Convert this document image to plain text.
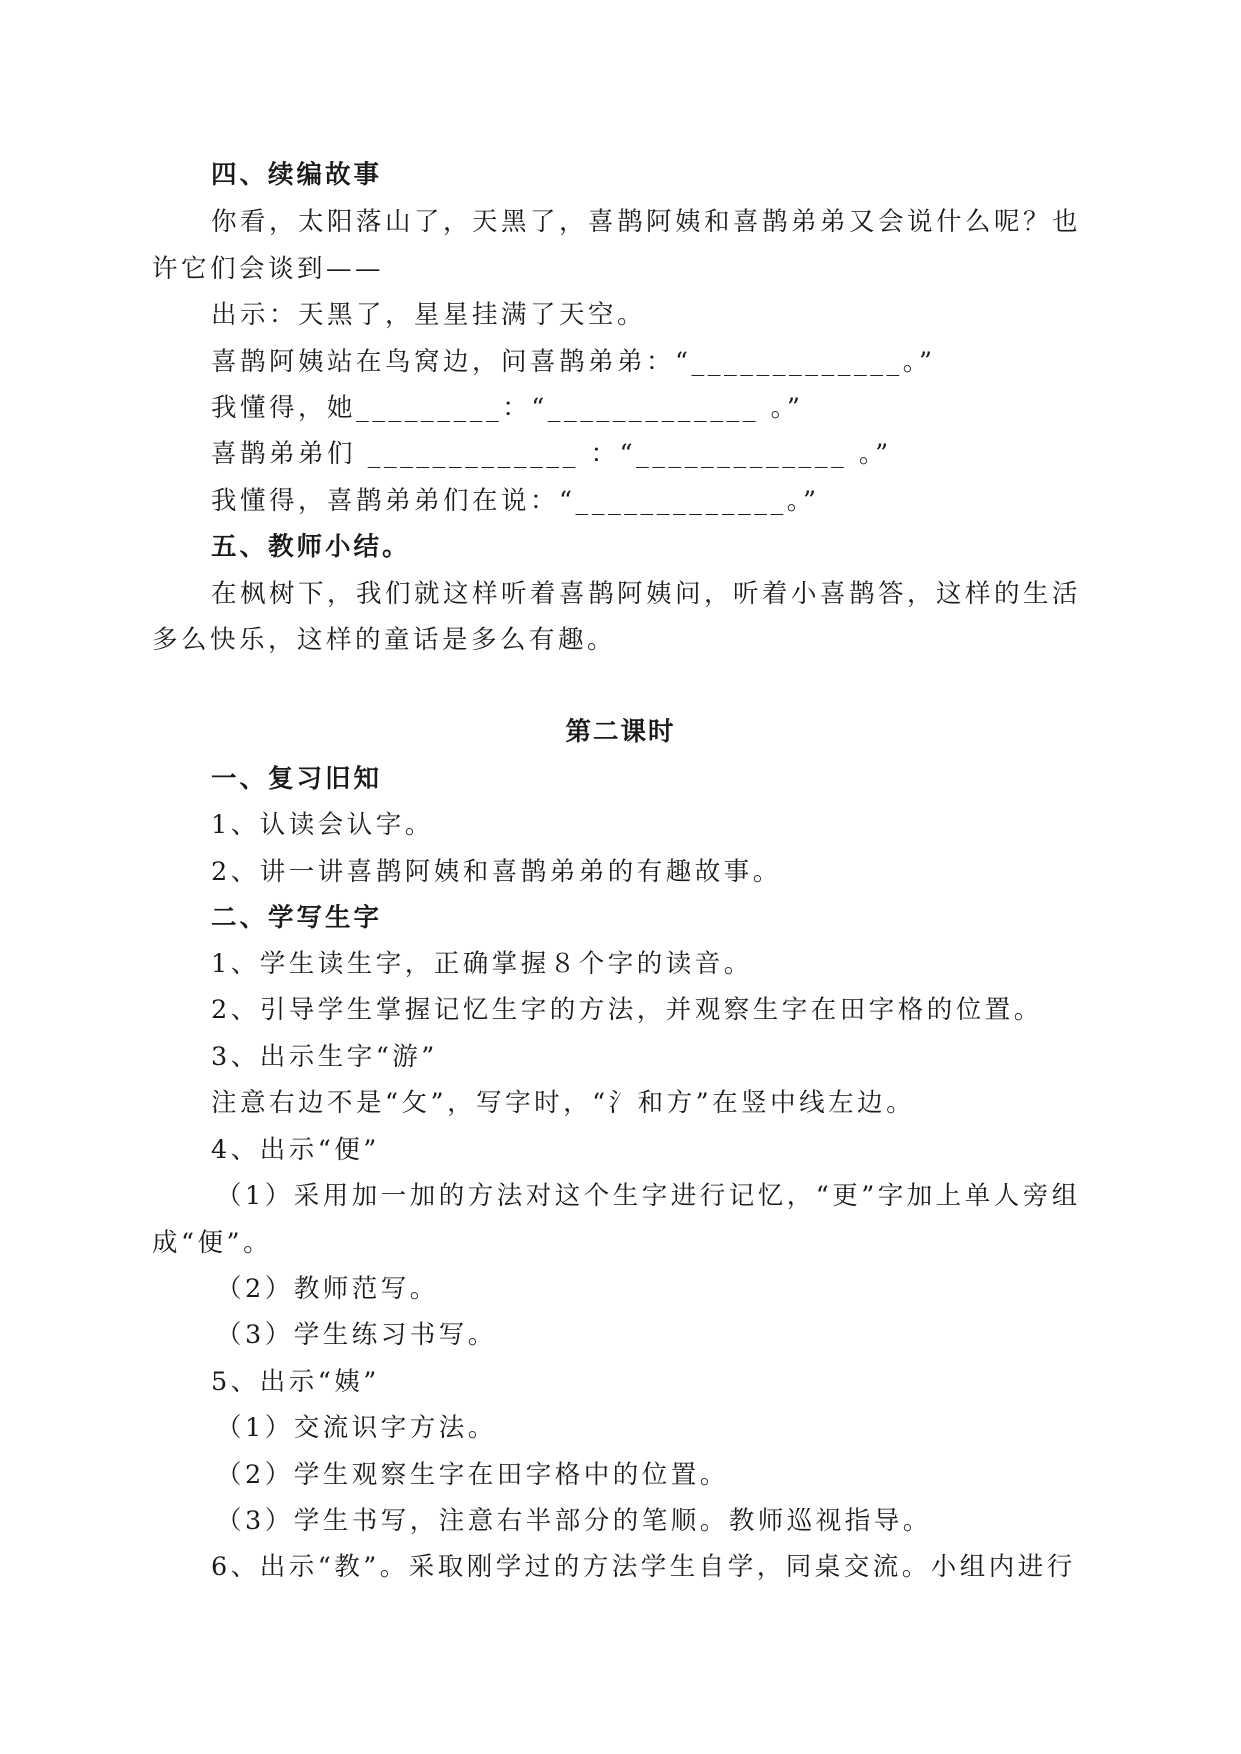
四、续编故事
你看，太阳落山了，天黑了，喜鹊阿姨和喜鹊弟弟又会说什么呢？也
许它们会谈到——
出示：天黑了，星星挂满了天空。
喜鹊阿姨站在鸟窝边，问喜鹊弟弟：“_____________。”
我懂得，她_________：“_____________ 。”
喜鹊弟弟们 _____________ ：“_____________ 。”
我懂得，喜鹊弟弟们在说：“_____________。”
五、教师小结。
在枫树下，我们就这样听着喜鹊阿姨问，听着小喜鹊答，这样的生活
多么快乐，这样的童话是多么有趣。
第二课时
一、复习旧知
1、认读会认字。
2、讲一讲喜鹊阿姨和喜鹊弟弟的有趣故事。
二、学写生字
1、学生读生字，正确掌握８个字的读音。
2、引导学生掌握记忆生字的方法，并观察生字在田字格的位置。
3、出示生字“游”
注意右边不是“攵”，写字时，“氵和方”在竖中线左边。
4、出示“便”
（1）采用加一加的方法对这个生字进行记忆，“更”字加上单人旁组
成“便”。
（2）教师范写。
（3）学生练习书写。
5、出示“姨”
（1）交流识字方法。
（2）学生观察生字在田字格中的位置。
（3）学生书写，注意右半部分的笔顺。教师巡视指导。
6、出示“教”。采取刚学过的方法学生自学，同桌交流。小组内进行
